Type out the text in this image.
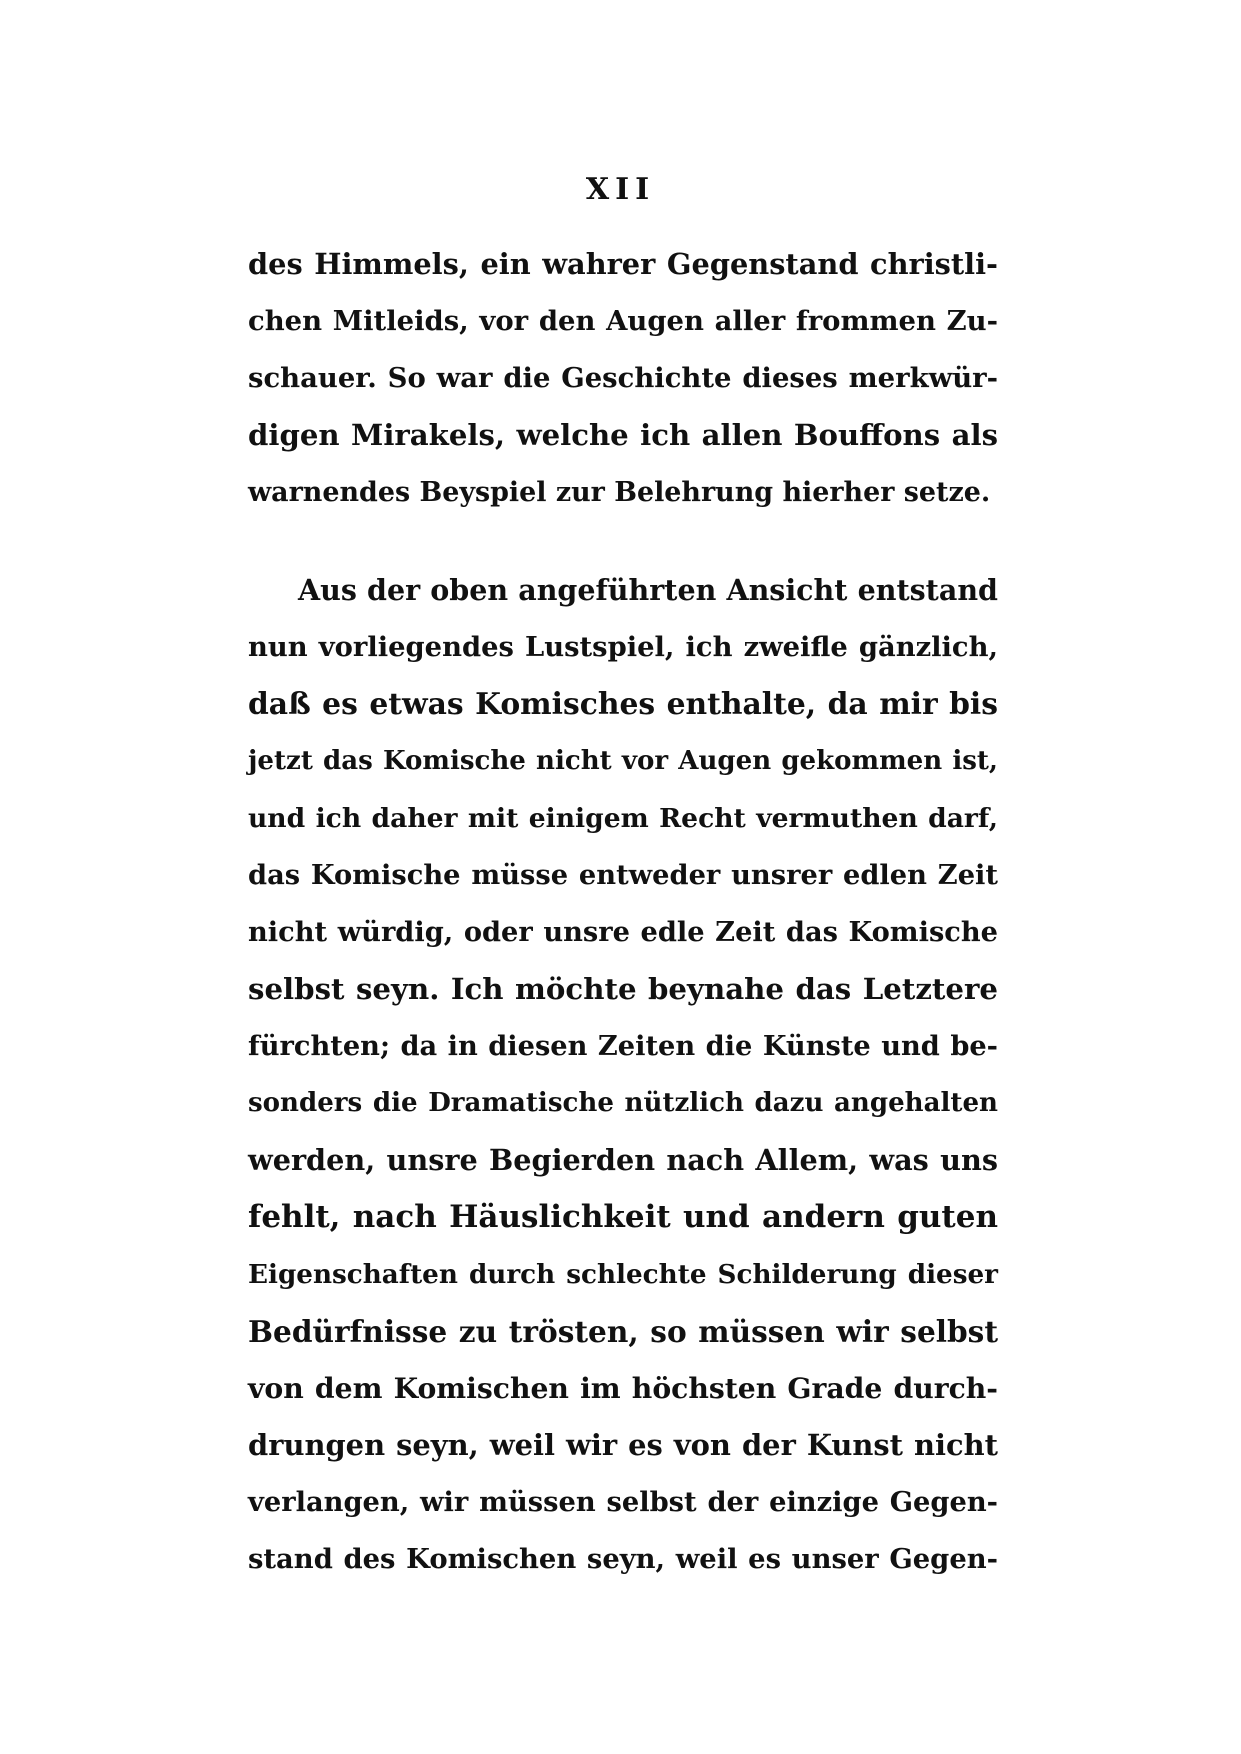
XII
des Himmels, ein wahrer Gegenstand christli-
chen Mitleids, vor den Augen aller frommen Zu-
schauer. So war die Geschichte dieses merkwür-
digen Mirakels, welche ich allen Bouffons als
warnendes Beyspiel zur Belehrung hierher setze.
Aus der oben angeführten Ansicht entstand
nun vorliegendes Lustspiel, ich zweifle gänzlich,
daß es etwas Komisches enthalte, da mir bis
jetzt das Komische nicht vor Augen gekommen ist,
und ich daher mit einigem Recht vermuthen darf,
das Komische müsse entweder unsrer edlen Zeit
nicht würdig, oder unsre edle Zeit das Komische
selbst seyn. Ich möchte beynahe das Letztere
fürchten; da in diesen Zeiten die Künste und be-
sonders die Dramatische nützlich dazu angehalten
werden, unsre Begierden nach Allem, was uns
fehlt, nach Häuslichkeit und andern guten
Eigenschaften durch schlechte Schilderung dieser
Bedürfnisse zu trösten, so müssen wir selbst
von dem Komischen im höchsten Grade durch-
drungen seyn, weil wir es von der Kunst nicht
verlangen, wir müssen selbst der einzige Gegen-
stand des Komischen seyn, weil es unser Gegen-
